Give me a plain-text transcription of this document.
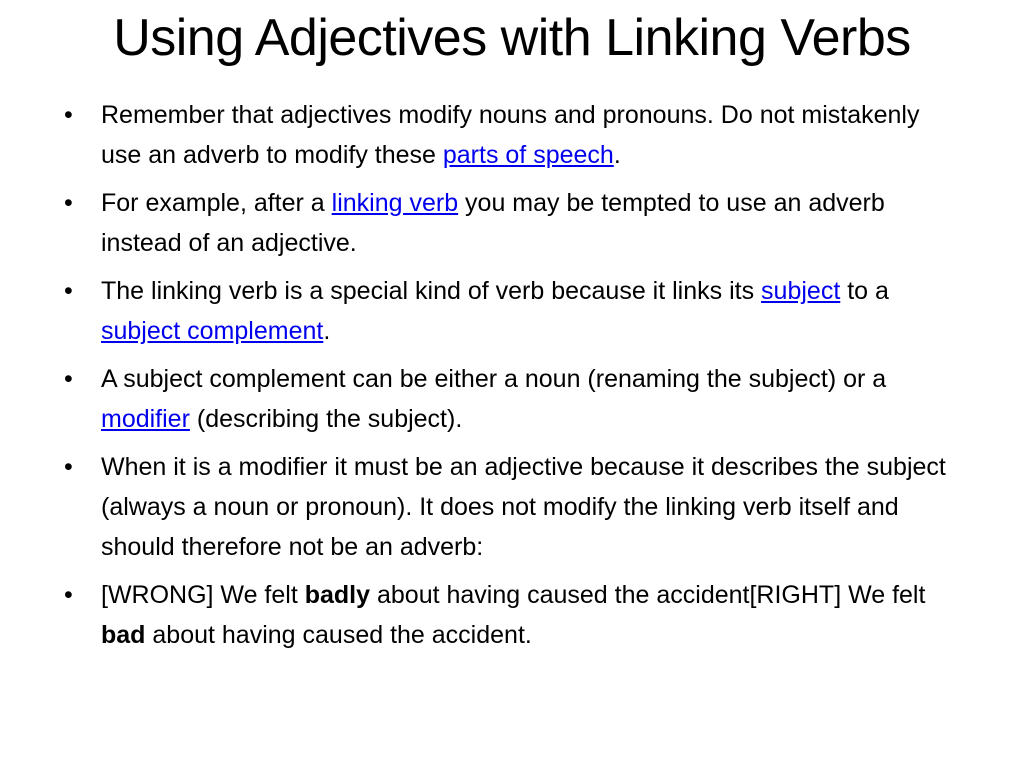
Using Adjectives with Linking Verbs
•	Remember that adjectives modify nouns and pronouns. Do not mistakenly use an adverb to modify these parts of speech.
•	For example, after a linking verb you may be tempted to use an adverb instead of an adjective.
•	The linking verb is a special kind of verb because it links its subject to a subject complement.
•	A subject complement can be either a noun (renaming the subject) or a modifier (describing the subject).
•	When it is a modifier it must be an adjective because it describes the subject (always a noun or pronoun). It does not modify the linking verb itself and should therefore not be an adverb:
•	[WRONG] We felt badly about having caused the accident[RIGHT] We felt bad about having caused the accident.
